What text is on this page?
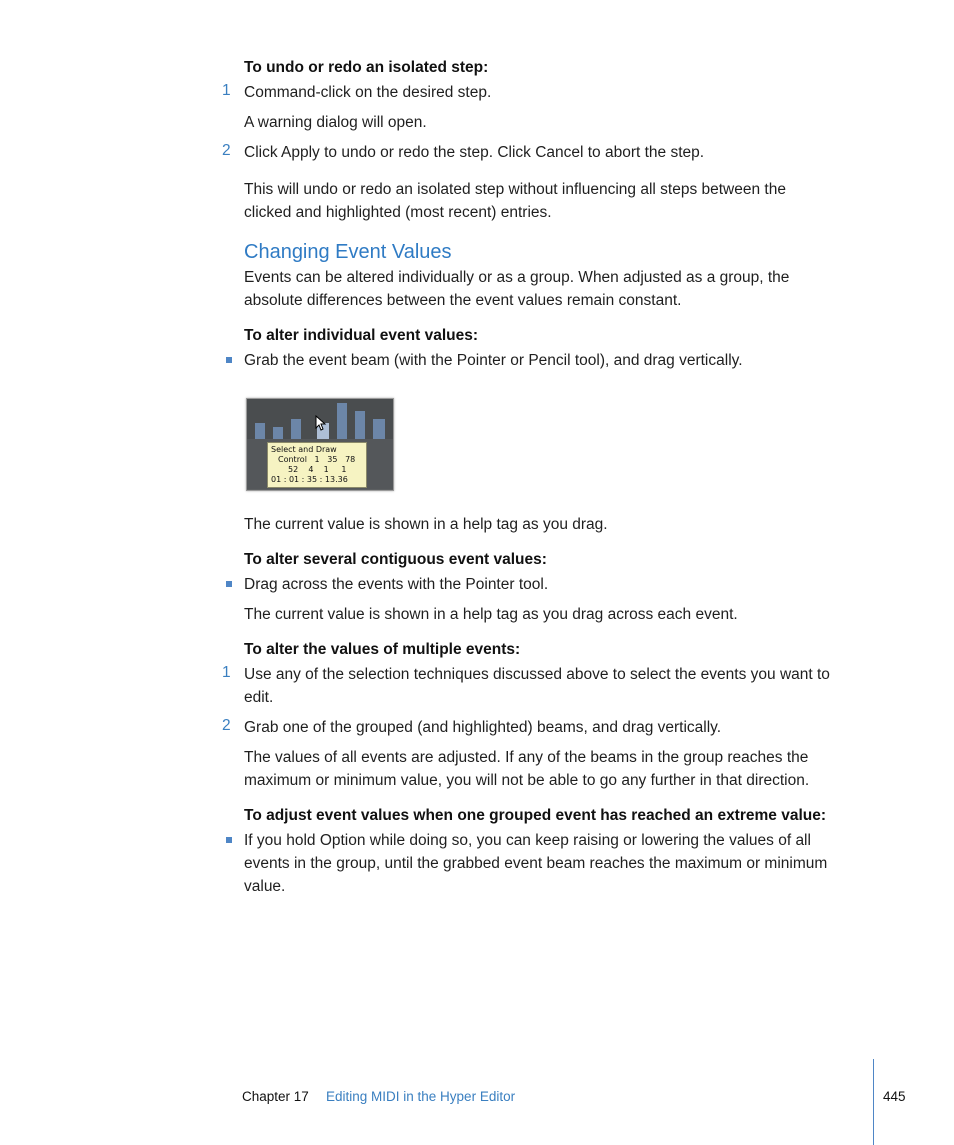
To undo or redo an isolated step:
1 Command-click on the desired step.
A warning dialog will open.
2 Click Apply to undo or redo the step. Click Cancel to abort the step.
This will undo or redo an isolated step without influencing all steps between the
clicked and highlighted (most recent) entries.
Changing Event Values
Events can be altered individually or as a group. When adjusted as a group, the
absolute differences between the event values remain constant.
To alter individual event values:
Grab the event beam (with the Pointer or Pencil tool), and drag vertically.
Select and Draw
Control   1   35   78
52    4    1     1
01 : 01 : 35 : 13.36
The current value is shown in a help tag as you drag.
To alter several contiguous event values:
Drag across the events with the Pointer tool.
The current value is shown in a help tag as you drag across each event.
To alter the values of multiple events:
1 Use any of the selection techniques discussed above to select the events you want to
edit.
2 Grab one of the grouped (and highlighted) beams, and drag vertically.
The values of all events are adjusted. If any of the beams in the group reaches the
maximum or minimum value, you will not be able to go any further in that direction.
To adjust event values when one grouped event has reached an extreme value:
If you hold Option while doing so, you can keep raising or lowering the values of all
events in the group, until the grabbed event beam reaches the maximum or minimum
value.
Chapter 17 Editing MIDI in the Hyper Editor	445
